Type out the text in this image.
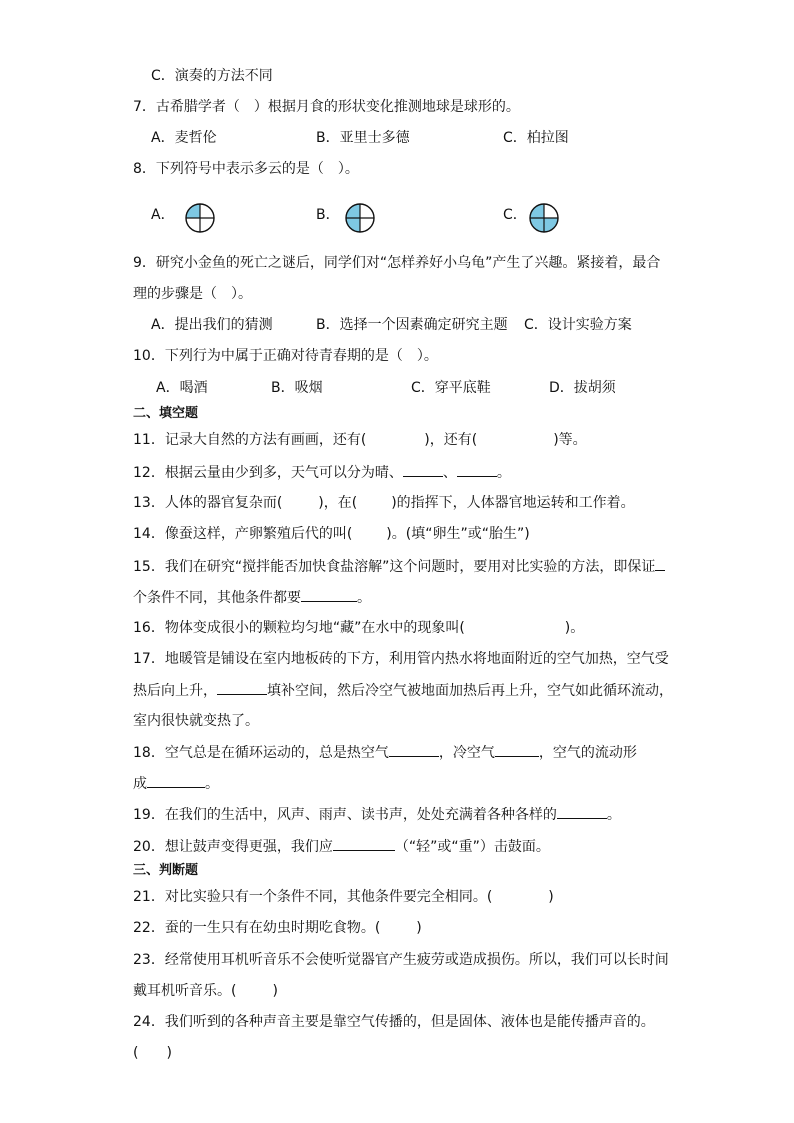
C．演奏的方法不同
7．古希腊学者（　）根据月食的形状变化推测地球是球形的。
A．麦哲伦	B．亚里士多德	C．柏拉图
8．下列符号中表示多云的是（　）。
A．	B．	C．
9．研究小金鱼的死亡之谜后，同学们对“怎样养好小乌龟”产生了兴趣。紧接着，最合
理的步骤是（　）。
A．提出我们的猜测	B．选择一个因素确定研究主题 C．设计实验方案
10．下列行为中属于正确对待青春期的是（　）。
A．喝酒	B．吸烟	C．穿平底鞋	D．拔胡须
二、填空题
11．记录大自然的方法有画画，还有(	)，还有(	)等。
12．根据云量由少到多，天气可以分为晴、	、	。
13．人体的器官复杂而(	)，在( )的指挥下，人体器官地运转和工作着。
14．像蚕这样，产卵繁殖后代的叫( )。(填“卵生”或“胎生”)
15．我们在研究“搅拌能否加快食盐溶解”这个问题时，要用对比实验的方法，即保证
个条件不同，其他条件都要	。
16．物体变成很小的颗粒均匀地“藏”在水中的现象叫(	)。
17．地暖管是铺设在室内地板砖的下方，利用管内热水将地面附近的空气加热，空气受
热后向上升，	填补空间，然后冷空气被地面加热后再上升，空气如此循环流动，
室内很快就变热了。
18．空气总是在循环运动的，总是热空气	，冷空气	，空气的流动形
成	。
19．在我们的生活中，风声、雨声、读书声，处处充满着各种各样的	。
20．想让鼓声变得更强，我们应	（“轻”或“重”）击鼓面。
三、判断题
21．对比实验只有一个条件不同，其他条件要完全相同。(	)
22．蚕的一生只有在幼虫时期吃食物。(	)
23．经常使用耳机听音乐不会使听觉器官产生疲劳或造成损伤。所以，我们可以长时间
戴耳机听音乐。(	)
24．我们听到的各种声音主要是靠空气传播的，但是固体、液体也是能传播声音的。
( )
